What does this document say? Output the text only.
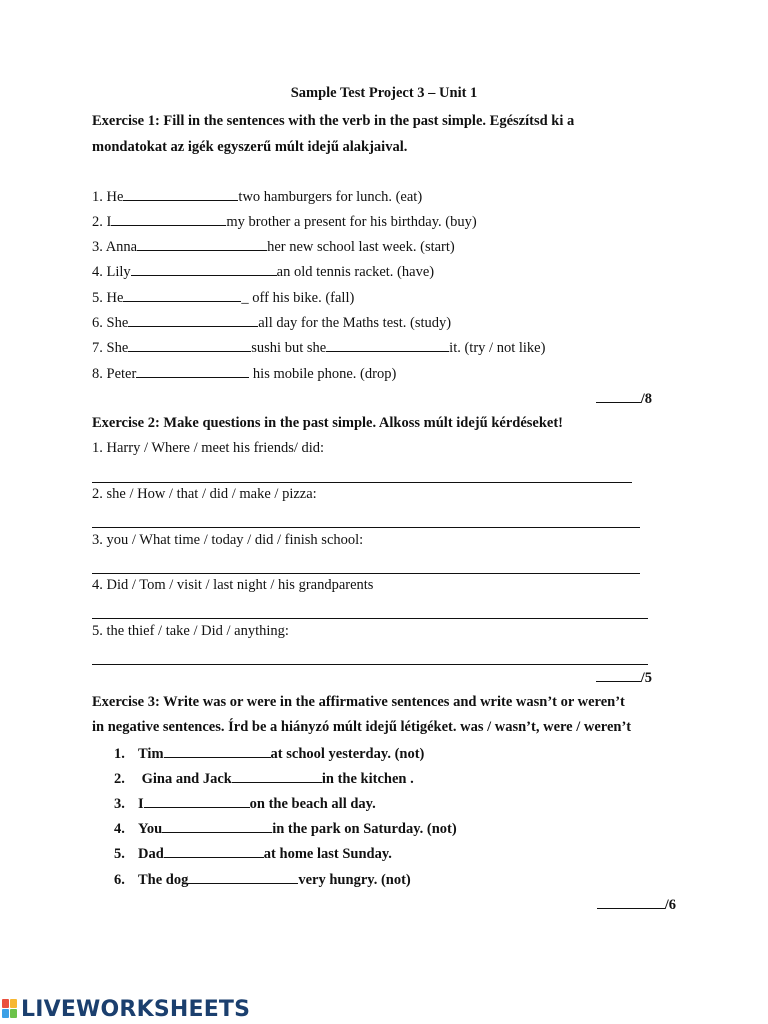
Sample Test Project 3 – Unit 1
Exercise 1: Fill in the sentences with the verb in the past simple. Egészítsd ki a
mondatokat az igék egyszerű múlt idejű alakjaival.
1. He	two hamburgers for lunch. (eat)
2. I	my brother a present for his birthday. (buy)
3. Anna	her new school last week. (start)
4. Lily	an old tennis racket. (have)
5. He	_ off his bike. (fall)
6. She	all day for the Maths test. (study)
7. She	sushi but she	it. (try / not like)
8. Peter	his mobile phone. (drop)
/8
Exercise 2: Make questions in the past simple. Alkoss múlt idejű kérdéseket!
1. Harry / Where / meet his friends/ did:
2. she / How / that / did / make / pizza:
3. you / What time / today / did / finish school:
4. Did / Tom / visit / last night / his grandparents
5. the thief / take / Did / anything:
/5
Exercise 3: Write was or were in the affirmative sentences and write wasn’t or weren’t
in negative sentences. Írd be a hiányzó múlt idejű létigéket. was / wasn’t, were / weren’t
1. Tim	at school yesterday. (not)
2. Gina and Jack	in the kitchen .
3. I	on the beach all day.
4. You	in the park on Saturday. (not)
5. Dad	at home last Sunday.
6. The dog	very hungry. (not)
/6
LIVEWORKSHEETS
